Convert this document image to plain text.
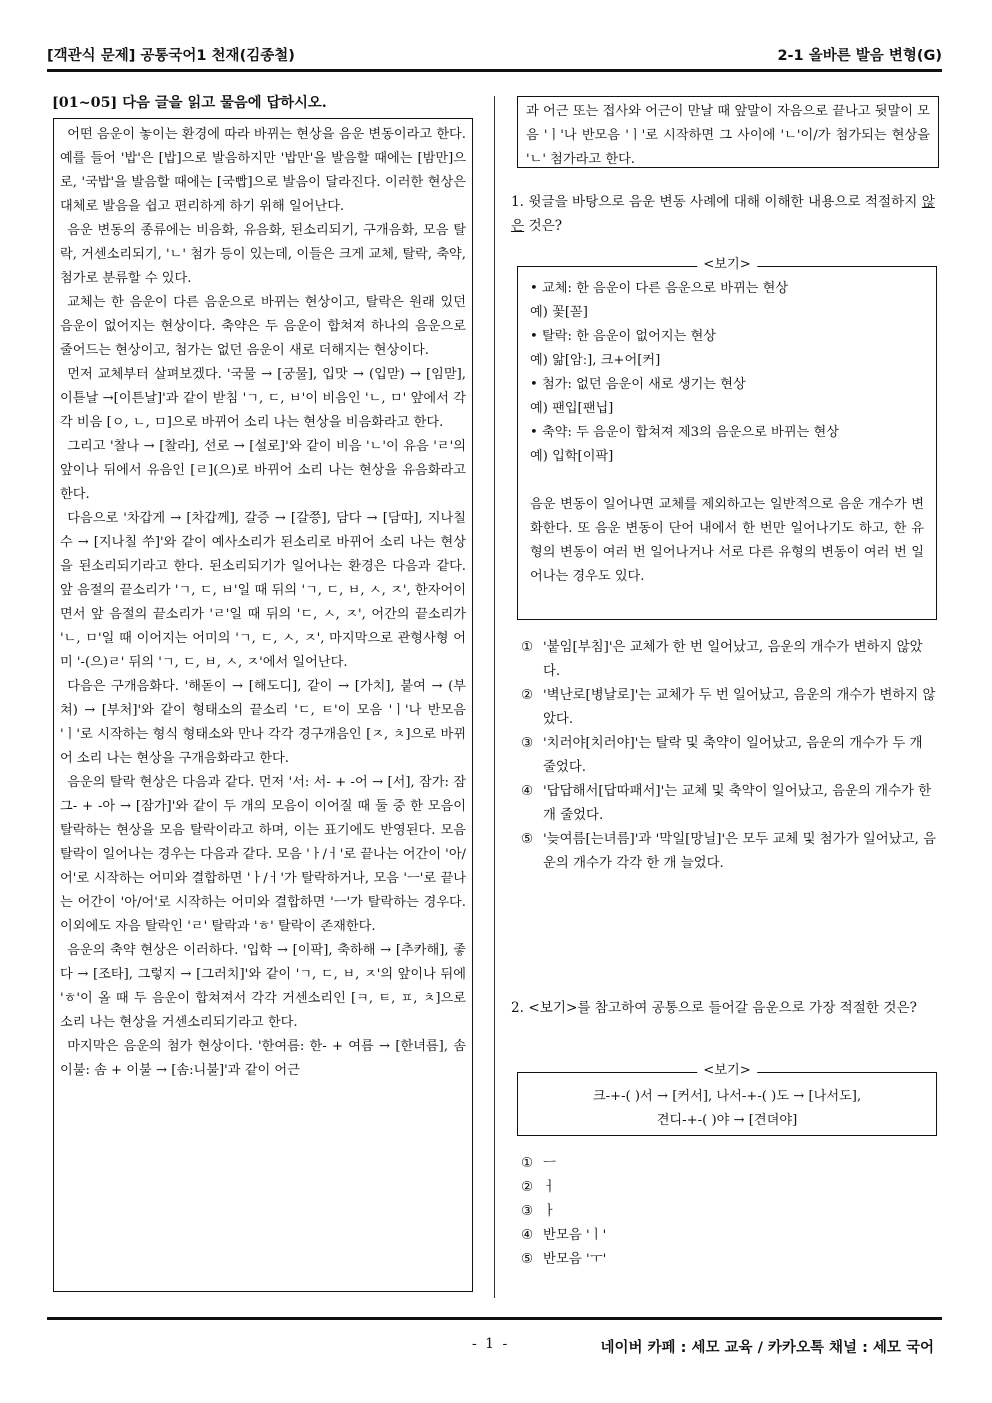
[객관식 문제] 공통국어1 천재(김종철)	2-1 올바른 발음 변형(G)
[01~05] 다음 글을 읽고 물음에 답하시오.

어떤 음운이 놓이는 환경에 따라 바뀌는 현상을 음운 변동이라고 한다. 예를 들어 '밥'은 [밥]으로 발음하지만 '밥만'을 발음할 때에는 [밤만]으로, '국밥'을 발음할 때에는 [국빱]으로 발음이 달라진다. 이러한 현상은 대체로 발음을 쉽고 편리하게 하기 위해 일어난다.

음운 변동의 종류에는 비음화, 유음화, 된소리되기, 구개음화, 모음 탈락, 거센소리되기, 'ㄴ' 첨가 등이 있는데, 이들은 크게 교체, 탈락, 축약, 첨가로 분류할 수 있다.

교체는 한 음운이 다른 음운으로 바뀌는 현상이고, 탈락은 원래 있던 음운이 없어지는 현상이다. 축약은 두 음운이 합쳐져 하나의 음운으로 줄어드는 현상이고, 첨가는 없던 음운이 새로 더해지는 현상이다.

먼저 교체부터 살펴보겠다. '국물 → [궁물], 입맛 → (입맏) → [임맏], 이튿날 →[이튼날]'과 같이 받침 'ㄱ, ㄷ, ㅂ'이 비음인 'ㄴ, ㅁ' 앞에서 각각 비음 [ㅇ, ㄴ, ㅁ]으로 바뀌어 소리 나는 현상을 비음화라고 한다.

그리고 '찰나 → [찰라], 선로 → [설로]'와 같이 비음 'ㄴ'이 유음 'ㄹ'의 앞이나 뒤에서 유음인 [ㄹ](으)로 바뀌어 소리 나는 현상을 유음화라고 한다.

다음으로 '차갑게 → [차갑께], 갈증 → [갈쯩], 담다 → [담따], 지나칠 수 → [지나칠 쑤]'와 같이 예사소리가 된소리로 바뀌어 소리 나는 현상을 된소리되기라고 한다. 된소리되기가 일어나는 환경은 다음과 같다. 앞 음절의 끝소리가 'ㄱ, ㄷ, ㅂ'일 때 뒤의 'ㄱ, ㄷ, ㅂ, ㅅ, ㅈ', 한자어이면서 앞 음절의 끝소리가 'ㄹ'일 때 뒤의 'ㄷ, ㅅ, ㅈ', 어간의 끝소리가 'ㄴ, ㅁ'일 때 이어지는 어미의 'ㄱ, ㄷ, ㅅ, ㅈ', 마지막으로 관형사형 어미 '-(으)ㄹ' 뒤의 'ㄱ, ㄷ, ㅂ, ㅅ, ㅈ'에서 일어난다.

다음은 구개음화다. '해돋이 → [해도디], 같이 → [가치], 붙여 → (부쳐) → [부처]'와 같이 형태소의 끝소리 'ㄷ, ㅌ'이 모음 'ㅣ'나 반모음 'ㅣ'로 시작하는 형식 형태소와 만나 각각 경구개음인 [ㅈ, ㅊ]으로 바뀌어 소리 나는 현상을 구개음화라고 한다.

음운의 탈락 현상은 다음과 같다. 먼저 '서: 서- + -어 → [서], 잠가: 잠그- + -아 → [잠가]'와 같이 두 개의 모음이 이어질 때 둘 중 한 모음이 탈락하는 현상을 모음 탈락이라고 하며, 이는 표기에도 반영된다. 모음 탈락이 일어나는 경우는 다음과 같다. 모음 'ㅏ/ㅓ'로 끝나는 어간이 '아/어'로 시작하는 어미와 결합하면 'ㅏ/ㅓ'가 탈락하거나, 모음 'ㅡ'로 끝나는 어간이 '아/어'로 시작하는 어미와 결합하면 'ㅡ'가 탈락하는 경우다. 이외에도 자음 탈락인 'ㄹ' 탈락과 'ㅎ' 탈락이 존재한다.

음운의 축약 현상은 이러하다. '입학 → [이팍], 축하해 → [추카해], 좋다 → [조타], 그렇지 → [그러치]'와 같이 'ㄱ, ㄷ, ㅂ, ㅈ'의 앞이나 뒤에 'ㅎ'이 올 때 두 음운이 합쳐져서 각각 거센소리인 [ㅋ, ㅌ, ㅍ, ㅊ]으로 소리 나는 현상을 거센소리되기라고 한다.

마지막은 음운의 첨가 현상이다. '한여름: 한- + 여름 → [한녀름], 솜이불: 솜 + 이불 → [솜:니불]'과 같이 어근

과 어근 또는 접사와 어근이 만날 때 앞말이 자음으로 끝나고 뒷말이 모음 'ㅣ'나 반모음 'ㅣ'로 시작하면 그 사이에 'ㄴ'이/가 첨가되는 현상을 'ㄴ' 첨가라고 한다.
1. 윗글을 바탕으로 음운 변동 사례에 대해 이해한 내용으로 적절하지 않은 것은?
<보기>
• 교체: 한 음운이 다른 음운으로 바뀌는 현상
예) 꽃[꼳]
• 탈락: 한 음운이 없어지는 현상
예) 앎[암ː], 크+어[커]
• 첨가: 없던 음운이 새로 생기는 현상
예) 팬입[팬닙]
• 축약: 두 음운이 합쳐져 제3의 음운으로 바뀌는 현상
예) 입학[이팍]
음운 변동이 일어나면 교체를 제외하고는 일반적으로 음운 개수가 변화한다. 또 음운 변동이 단어 내에서 한 번만 일어나기도 하고, 한 유형의 변동이 여러 번 일어나거나 서로 다른 유형의 변동이 여러 번 일어나는 경우도 있다.
① '붙임[부침]'은 교체가 한 번 일어났고, 음운의 개수가 변하지 않았다.
② '벽난로[병날로]'는 교체가 두 번 일어났고, 음운의 개수가 변하지 않았다.
③ '치러야[치러야]'는 탈락 및 축약이 일어났고, 음운의 개수가 두 개 줄었다.
④ '답답해서[답따패서]'는 교체 및 축약이 일어났고, 음운의 개수가 한 개 줄었다.
⑤ '늦여름[는녀름]'과 '막일[망닐]'은 모두 교체 및 첨가가 일어났고, 음운의 개수가 각각 한 개 늘었다.
2. <보기>를 참고하여 공통으로 들어갈 음운으로 가장 적절한 것은?
<보기>
크-+-( )서 → [커서], 나서-+-( )도 → [나서도],
견디-+-( )야 → [견뎌야]
① ㅡ
② ㅓ
③ ㅏ
④ 반모음 'ㅣ'
⑤ 반모음 'ㅜ'
- 1 -	네이버 카페 : 세모 교육 / 카카오톡 채널 : 세모 국어
